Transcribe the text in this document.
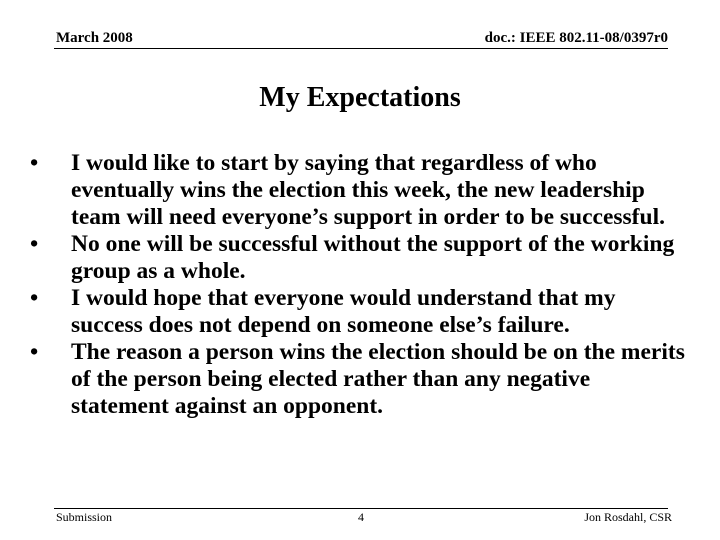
March 2008	doc.: IEEE 802.11-08/0397r0
My Expectations
• I would like to start by saying that regardless of who eventually wins the election this week, the new leadership team will need everyone’s support in order to be successful.
• No one will be successful without the support of the working group as a whole.
• I would hope that everyone would understand that my success does not depend on someone else’s failure.
• The reason a person wins the election should be on the merits of the person being elected rather than any negative statement against an opponent.
Submission	4	Jon Rosdahl, CSR
